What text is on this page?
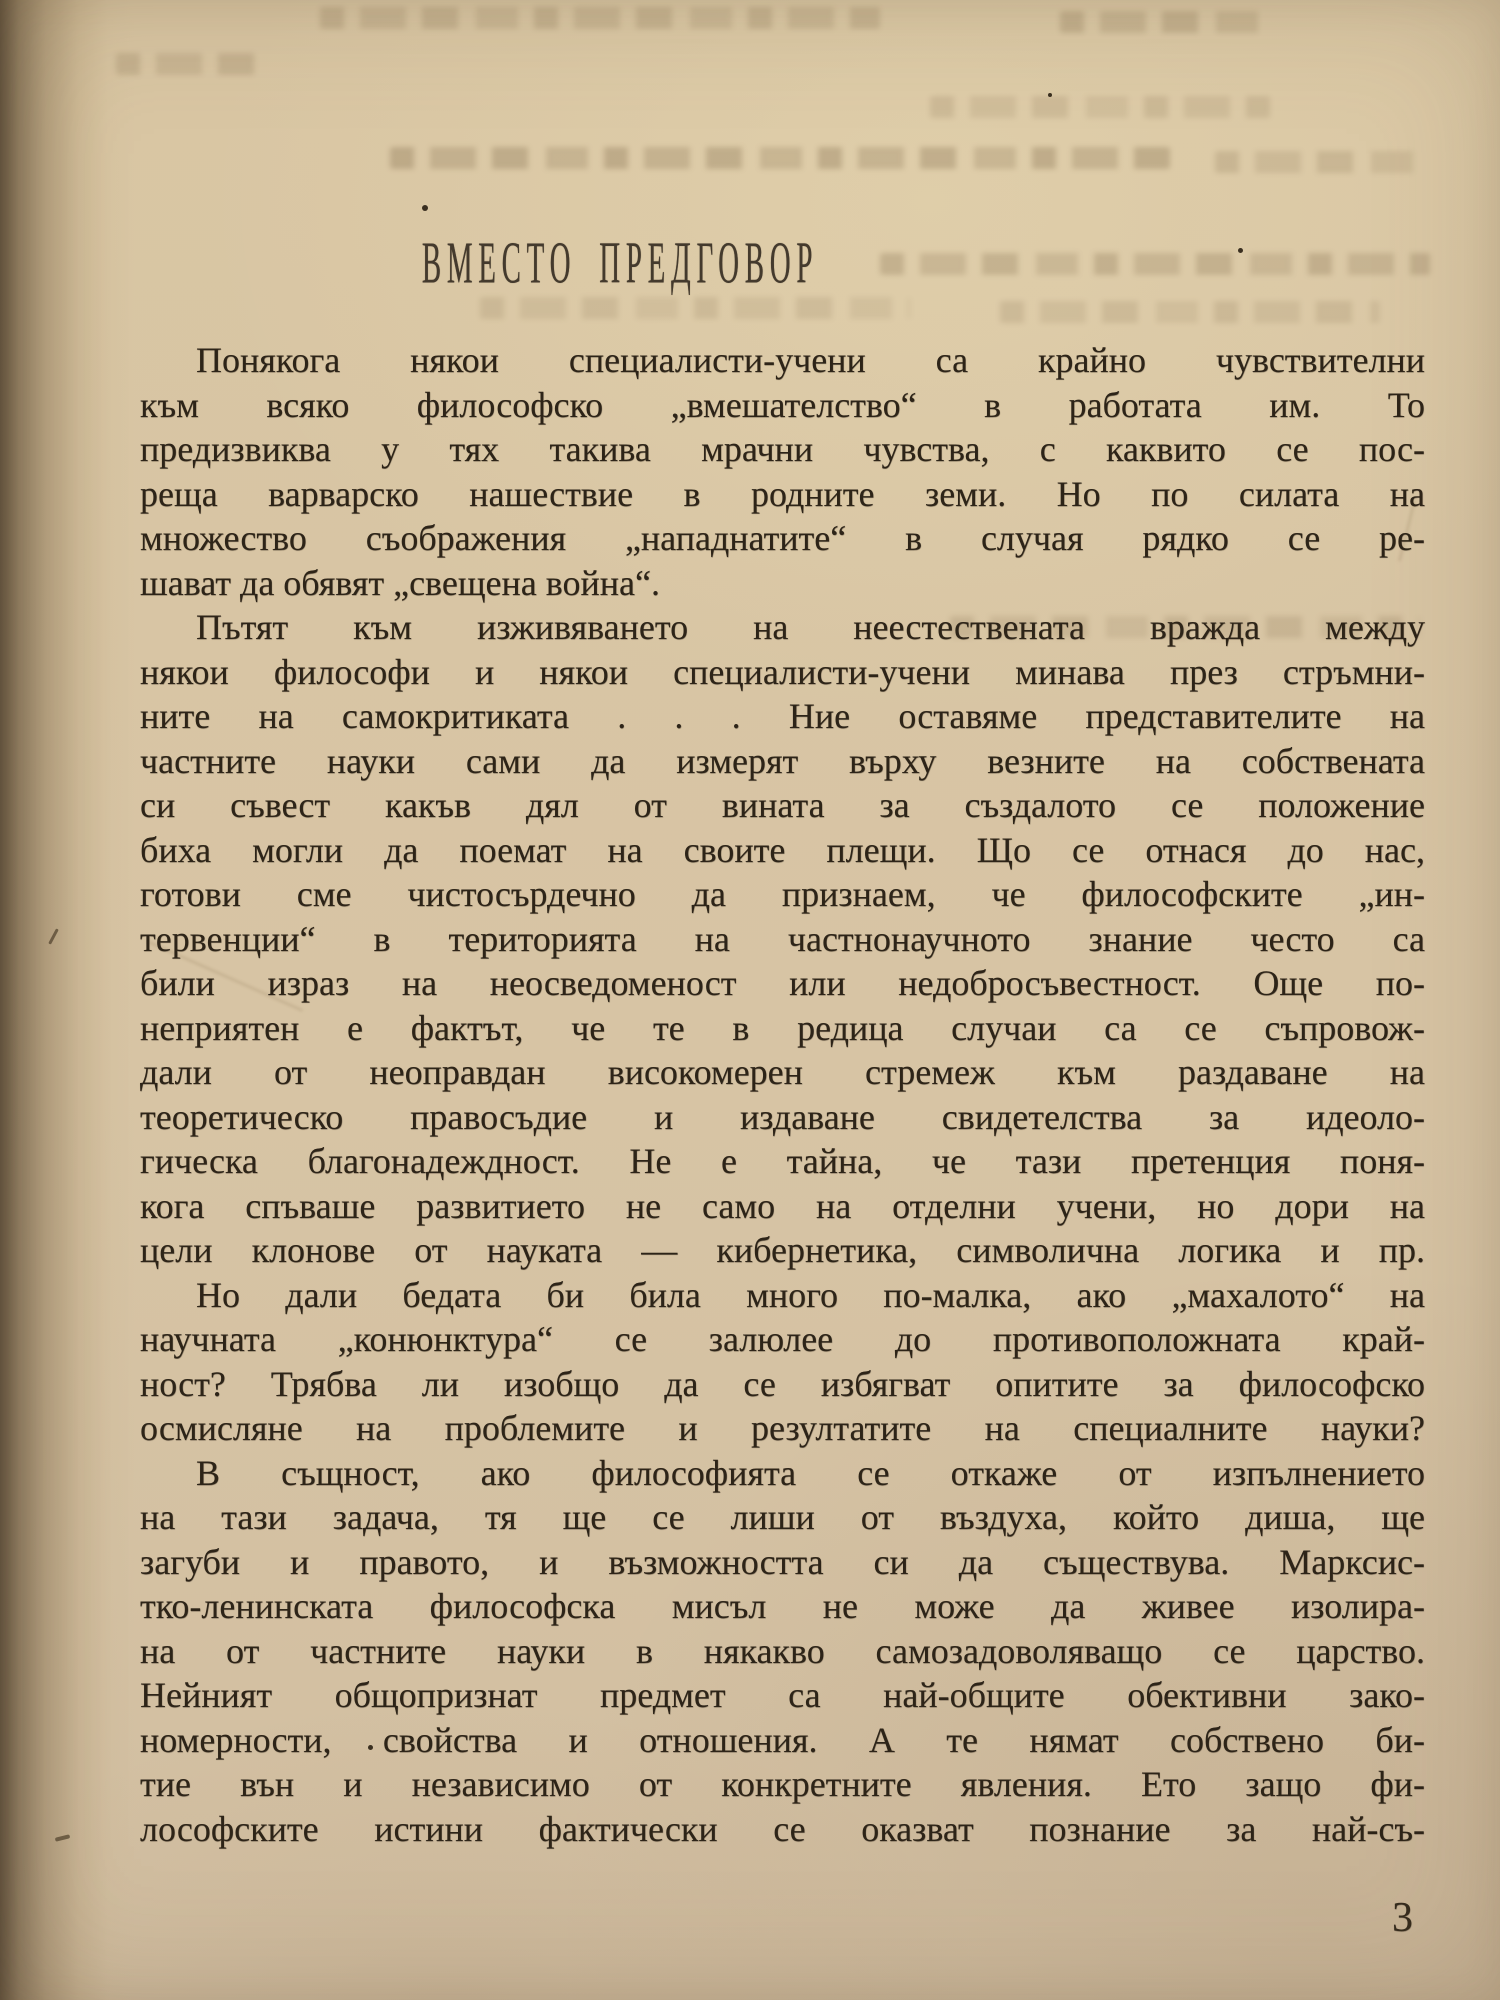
ВМЕСТО ПРЕДГОВОР
Понякога някои специалисти-учени са крайно чувствителни
към всяко философско „вмешателство“ в работата им. То
предизвиква у тях такива мрачни чувства, с каквито се пос-
реща варварско нашествие в родните земи. Но по силата на
множество съображения „нападнатите“ в случая рядко се ре-
шават да обявят „свещена война“.
Пътят към изживяването на неестествената вражда между
някои философи и някои специалисти-учени минава през стръмни-
ните на самокритиката . . . Ние оставяме представителите на
частните науки сами да измерят върху везните на собствената
си съвест какъв дял от вината за създалото се положение
биха могли да поемат на своите плещи. Що се отнася до нас,
готови сме чистосърдечно да признаем, че философските „ин-
тервенции“ в територията на частнонаучното знание често са
били израз на неосведоменост или недобросъвестност. Още по-
неприятен е фактът, че те в редица случаи са се съпровож-
дали от неоправдан високомерен стремеж към раздаване на
теоретическо правосъдие и издаване свидетелства за идеоло-
гическа благонадеждност. Не е тайна, че тази претенция поня-
кога спъваше развитието не само на отделни учени, но дори на
цели клонове от науката — кибернетика, символична логика и пр.
Но дали бедата би била много по-малка, ако „махалото“ на
научната „конюнктура“ се залюлее до противоположната край-
ност? Трябва ли изобщо да се избягват опитите за философско
осмисляне на проблемите и резултатите на специалните науки?
В същност, ако философията се откаже от изпълнението
на тази задача, тя ще се лиши от въздуха, който диша, ще
загуби и правото, и възможността си да съществува. Марксис-
тко-ленинската философска мисъл не може да живее изолира-
на от частните науки в някакво самозадоволяващо се царство.
Нейният общопризнат предмет са най-общите обективни зако-
номерности, свойства и отношения. А те нямат собствено би-
тие вън и независимо от конкретните явления. Ето защо фи-
лософските истини фактически се оказват познание за най-съ-
3
